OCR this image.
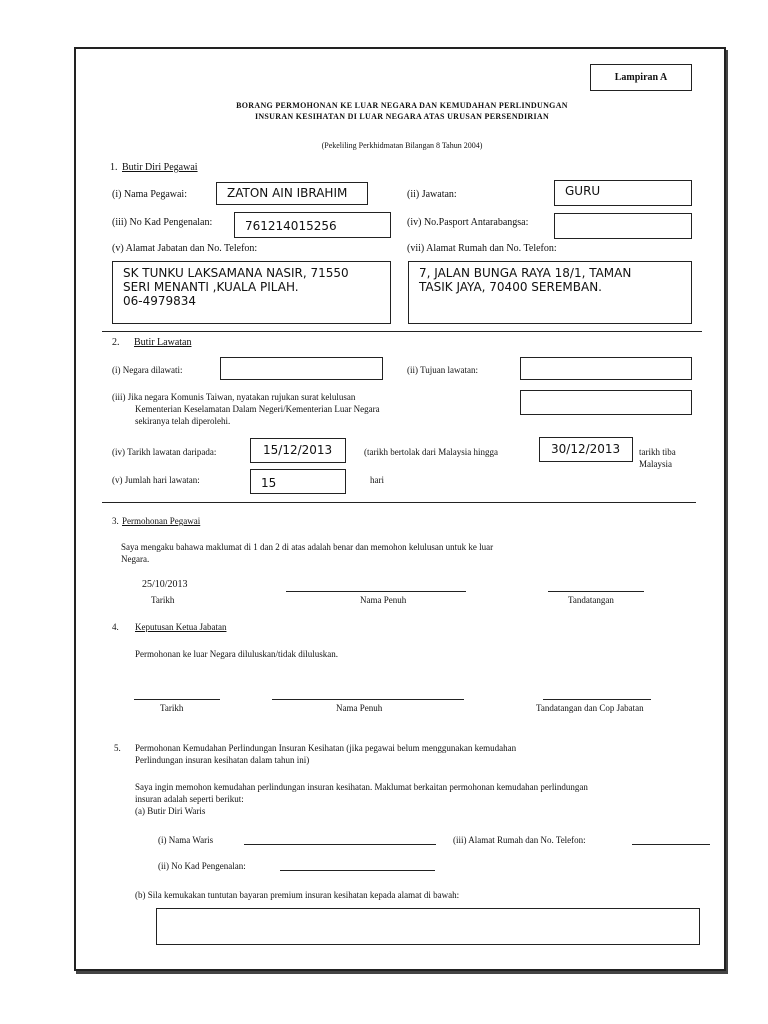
Lampiran A
BORANG PERMOHONAN KE LUAR NEGARA DAN KEMUDAHAN PERLINDUNGAN
INSURAN KESIHATAN DI LUAR NEGARA ATAS URUSAN PERSENDIRIAN
(Pekeliling Perkhidmatan Bilangan 8 Tahun 2004)
1. Butir Diri Pegawai
(i) Nama Pegawai:	ZATON AIN IBRAHIM	(ii) Jawatan:	GURU
(iii) No Kad Pengenalan:	761214015256	(iv) No.Pasport Antarabangsa:
(v) Alamat Jabatan dan No. Telefon:	(vii) Alamat Rumah dan No. Telefon:
SK TUNKU LAKSAMANA NASIR, 71550
SERI MENANTI ,KUALA PILAH.
06-4979834
7, JALAN BUNGA RAYA 18/1, TAMAN
TASIK JAYA, 70400 SEREMBAN.
2. Butir Lawatan
(i) Negara dilawati:	(ii) Tujuan lawatan:
(iii) Jika negara Komunis Taiwan, nyatakan rujukan surat kelulusan
Kementerian Keselamatan Dalam Negeri/Kementerian Luar Negara
sekiranya telah diperolehi.
(iv) Tarikh lawatan daripada:	15/12/2013	(tarikh bertolak dari Malaysia hingga	30/12/2013 tarikh tiba
Malaysia
(v) Jumlah hari lawatan:	15	hari
3. Permohonan Pegawai
Saya mengaku bahawa maklumat di 1 dan 2 di atas adalah benar dan memohon kelulusan untuk ke luar
Negara.
25/10/2013
Tarikh	Nama Penuh	Tandatangan
4. Keputusan Ketua Jabatan
Permohonan ke luar Negara diluluskan/tidak diluluskan.
Tarikh	Nama Penuh	Tandatangan dan Cop Jabatan
5. Permohonan Kemudahan Perlindungan Insuran Kesihatan (jika pegawai belum menggunakan kemudahan
Perlindungan insuran kesihatan dalam tahun ini)
Saya ingin memohon kemudahan perlindungan insuran kesihatan. Maklumat berkaitan permohonan kemudahan perlindungan
insuran adalah seperti berikut:
(a) Butir Diri Waris
(i) Nama Waris	(iii) Alamat Rumah dan No. Telefon:
(ii) No Kad Pengenalan:
(b) Sila kemukakan tuntutan bayaran premium insuran kesihatan kepada alamat di bawah:
